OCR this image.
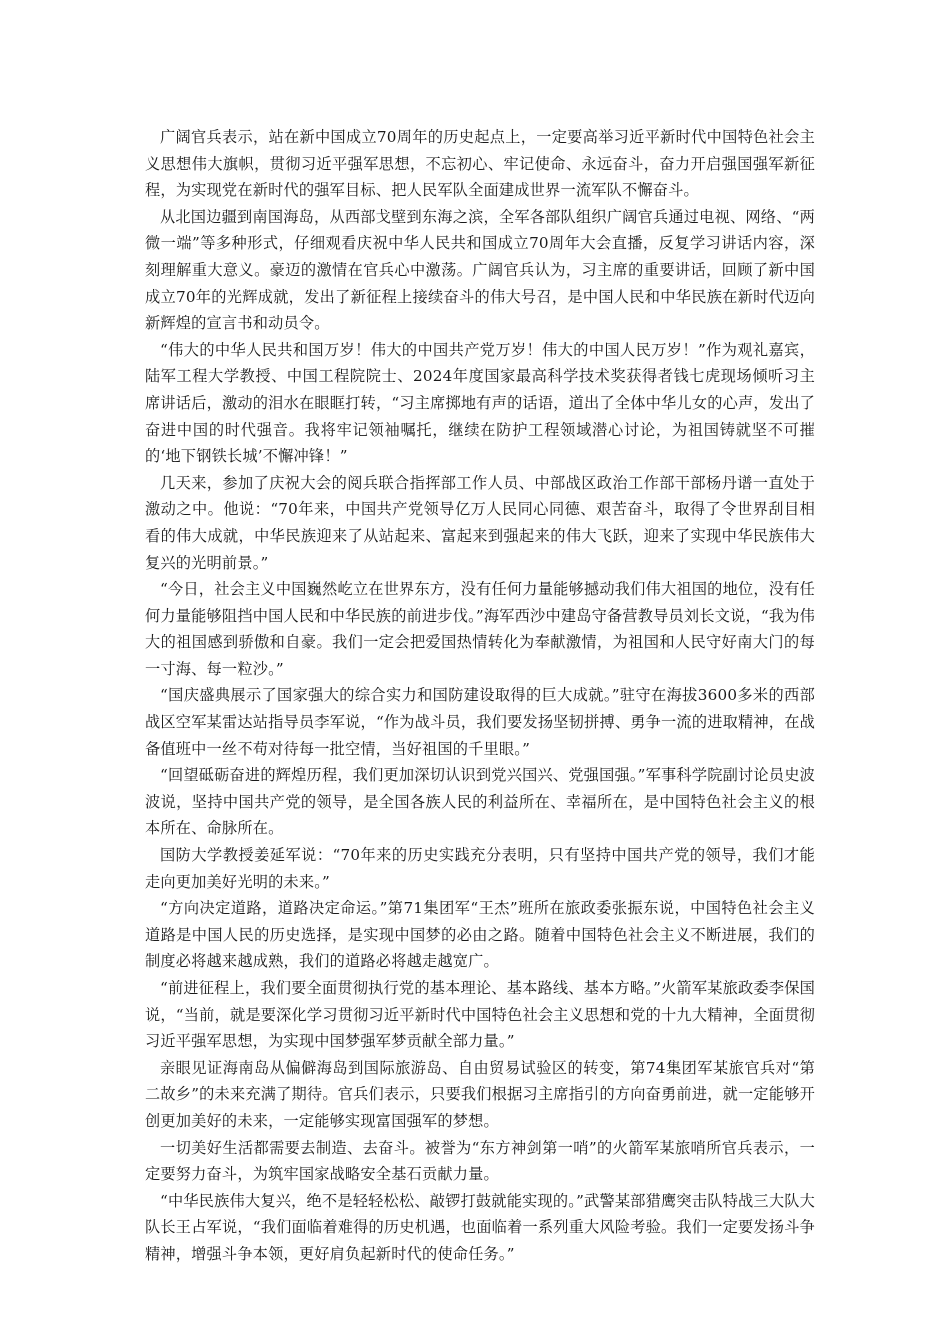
广阔官兵表示，站在新中国成立70周年的历史起点上，一定要高举习近平新时代中国特色社会主义思想伟大旗帜，贯彻习近平强军思想，不忘初心、牢记使命、永远奋斗，奋力开启强国强军新征程，为实现党在新时代的强军目标、把人民军队全面建成世界一流军队不懈奋斗。

从北国边疆到南国海岛，从西部戈壁到东海之滨，全军各部队组织广阔官兵通过电视、网络、“两微一端”等多种形式，仔细观看庆祝中华人民共和国成立70周年大会直播，反复学习讲话内容，深刻理解重大意义。豪迈的激情在官兵心中激荡。广阔官兵认为，习主席的重要讲话，回顾了新中国成立70年的光辉成就，发出了新征程上接续奋斗的伟大号召，是中国人民和中华民族在新时代迈向新辉煌的宣言书和动员令。

“伟大的中华人民共和国万岁！伟大的中国共产党万岁！伟大的中国人民万岁！”作为观礼嘉宾，陆军工程大学教授、中国工程院院士、2024年度国家最高科学技术奖获得者钱七虎现场倾听习主席讲话后，激动的泪水在眼眶打转，“习主席掷地有声的话语，道出了全体中华儿女的心声，发出了奋进中国的时代强音。我将牢记领袖嘱托，继续在防护工程领域潜心讨论，为祖国铸就坚不可摧的‘地下钢铁长城’不懈冲锋！”

几天来，参加了庆祝大会的阅兵联合指挥部工作人员、中部战区政治工作部干部杨丹谱一直处于激动之中。他说：“70年来，中国共产党领导亿万人民同心同德、艰苦奋斗，取得了令世界刮目相看的伟大成就，中华民族迎来了从站起来、富起来到强起来的伟大飞跃，迎来了实现中华民族伟大复兴的光明前景。”

“今日，社会主义中国巍然屹立在世界东方，没有任何力量能够撼动我们伟大祖国的地位，没有任何力量能够阻挡中国人民和中华民族的前进步伐。”海军西沙中建岛守备营教导员刘长文说，“我为伟大的祖国感到骄傲和自豪。我们一定会把爱国热情转化为奉献激情，为祖国和人民守好南大门的每一寸海、每一粒沙。”

“国庆盛典展示了国家强大的综合实力和国防建设取得的巨大成就。”驻守在海拔3600多米的西部战区空军某雷达站指导员李军说，“作为战斗员，我们要发扬坚韧拼搏、勇争一流的进取精神，在战备值班中一丝不苟对待每一批空情，当好祖国的千里眼。”

“回望砥砺奋进的辉煌历程，我们更加深切认识到党兴国兴、党强国强。”军事科学院副讨论员史波波说，坚持中国共产党的领导，是全国各族人民的利益所在、幸福所在，是中国特色社会主义的根本所在、命脉所在。

国防大学教授姜延军说：“70年来的历史实践充分表明，只有坚持中国共产党的领导，我们才能走向更加美好光明的未来。”

“方向决定道路，道路决定命运。”第71集团军“王杰”班所在旅政委张振东说，中国特色社会主义道路是中国人民的历史选择，是实现中国梦的必由之路。随着中国特色社会主义不断进展，我们的制度必将越来越成熟，我们的道路必将越走越宽广。

“前进征程上，我们要全面贯彻执行党的基本理论、基本路线、基本方略。”火箭军某旅政委李保国说，“当前，就是要深化学习贯彻习近平新时代中国特色社会主义思想和党的十九大精神，全面贯彻习近平强军思想，为实现中国梦强军梦贡献全部力量。”

亲眼见证海南岛从偏僻海岛到国际旅游岛、自由贸易试验区的转变，第74集团军某旅官兵对“第二故乡”的未来充满了期待。官兵们表示，只要我们根据习主席指引的方向奋勇前进，就一定能够开创更加美好的未来，一定能够实现富国强军的梦想。

一切美好生活都需要去制造、去奋斗。被誉为“东方神剑第一哨”的火箭军某旅哨所官兵表示，一定要努力奋斗，为筑牢国家战略安全基石贡献力量。

“中华民族伟大复兴，绝不是轻轻松松、敲锣打鼓就能实现的。”武警某部猎鹰突击队特战三大队大队长王占军说，“我们面临着难得的历史机遇，也面临着一系列重大风险考验。我们一定要发扬斗争精神，增强斗争本领，更好肩负起新时代的使命任务。”
